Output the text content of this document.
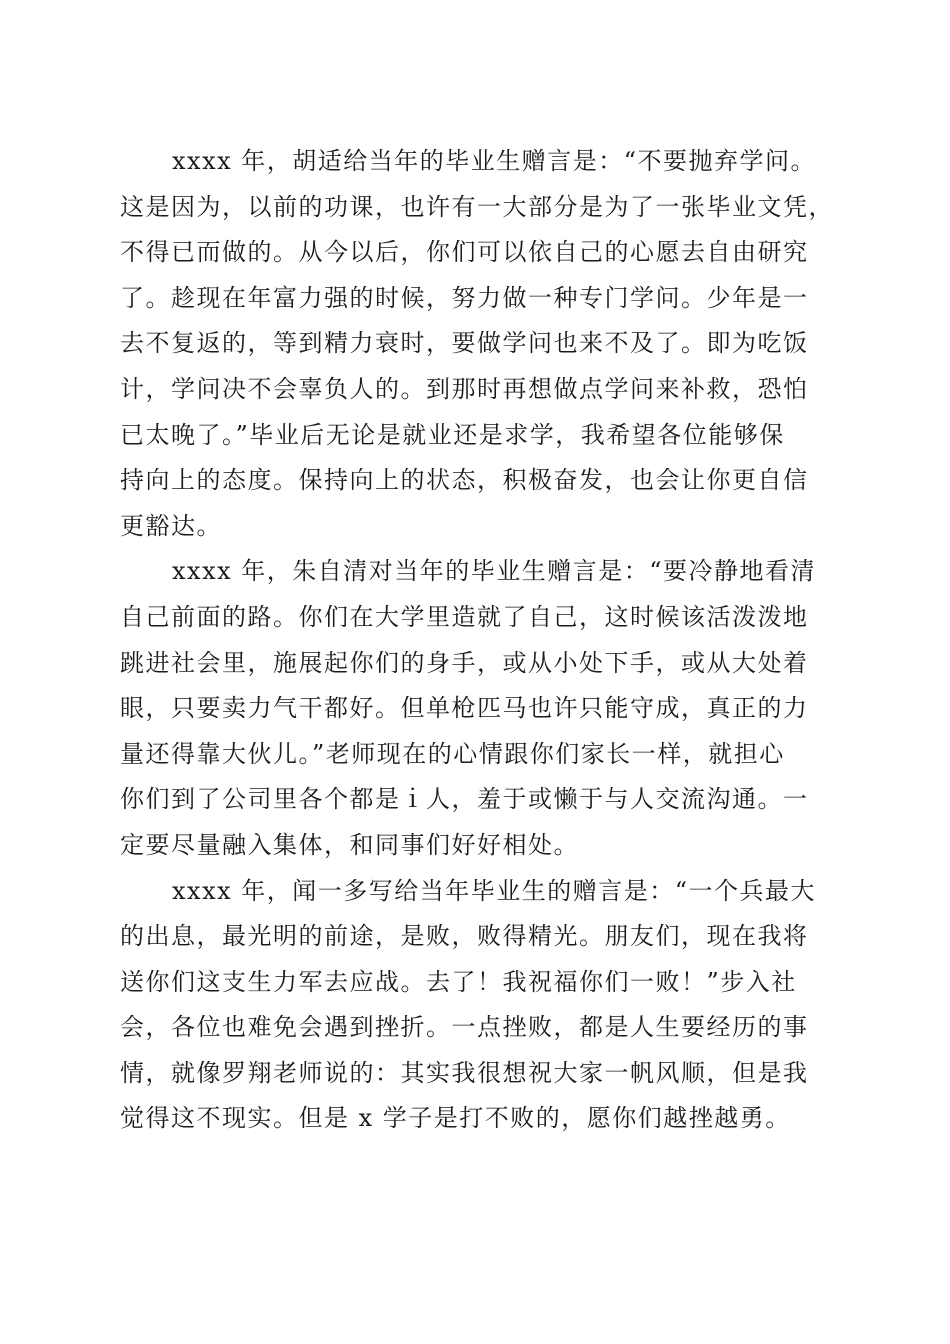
xxxx 年，胡适给当年的毕业生赠言是：“不要抛弃学问。
这是因为，以前的功课，也许有一大部分是为了一张毕业文凭，
不得已而做的。从今以后，你们可以依自己的心愿去自由研究
了。趁现在年富力强的时候，努力做一种专门学问。少年是一
去不复返的，等到精力衰时，要做学问也来不及了。即为吃饭
计，学问决不会辜负人的。到那时再想做点学问来补救，恐怕
已太晚了。”毕业后无论是就业还是求学，我希望各位能够保
持向上的态度。保持向上的状态，积极奋发，也会让你更自信
更豁达。
xxxx 年，朱自清对当年的毕业生赠言是：“要冷静地看清
自己前面的路。你们在大学里造就了自己，这时候该活泼泼地
跳进社会里，施展起你们的身手，或从小处下手，或从大处着
眼，只要卖力气干都好。但单枪匹马也许只能守成，真正的力
量还得靠大伙儿。”老师现在的心情跟你们家长一样，就担心
你们到了公司里各个都是ｉ人，羞于或懒于与人交流沟通。一
定要尽量融入集体，和同事们好好相处。
xxxx 年，闻一多写给当年毕业生的赠言是：“一个兵最大
的出息，最光明的前途，是败，败得精光。朋友们，现在我将
送你们这支生力军去应战。去了！我祝福你们一败！”步入社
会，各位也难免会遇到挫折。一点挫败，都是人生要经历的事
情，就像罗翔老师说的：其实我很想祝大家一帆风顺，但是我
觉得这不现实。但是 x 学子是打不败的，愿你们越挫越勇。
